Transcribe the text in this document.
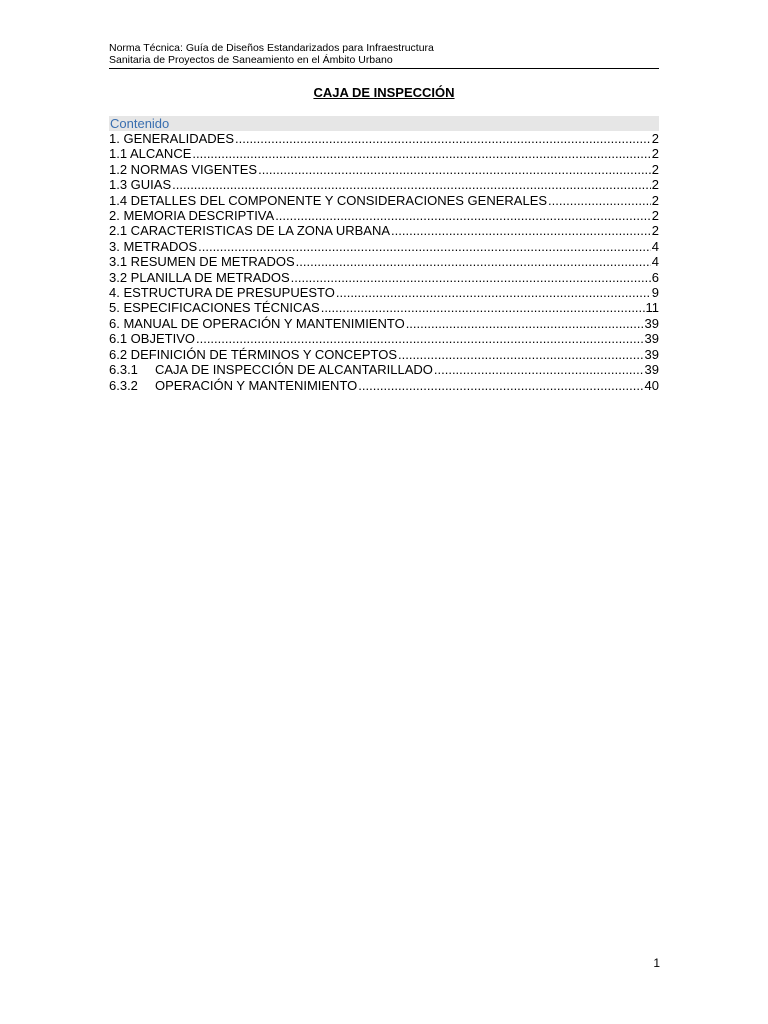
Norma Técnica: Guía de Diseños Estandarizados para Infraestructura
Sanitaria de Proyectos de Saneamiento en el Ámbito Urbano
CAJA DE INSPECCIÓN
Contenido
1. GENERALIDADES .....	2
1.1 ALCANCE .....	2
1.2 NORMAS VIGENTES .....	2
1.3 GUIAS .....	2
1.4 DETALLES DEL COMPONENTE Y CONSIDERACIONES GENERALES .....	2
2. MEMORIA DESCRIPTIVA .....	2
2.1 CARACTERISTICAS DE LA ZONA URBANA .....	2
3. METRADOS .....	4
3.1 RESUMEN DE METRADOS .....	4
3.2 PLANILLA DE METRADOS .....	6
4. ESTRUCTURA DE PRESUPUESTO .....	9
5. ESPECIFICACIONES TÉCNICAS .....	11
6. MANUAL DE OPERACIÓN Y MANTENIMIENTO .....	39
6.1 OBJETIVO .....	39
6.2 DEFINICIÓN DE TÉRMINOS Y CONCEPTOS .....	39
6.3.1	CAJA DE INSPECCIÓN DE ALCANTARILLADO .....	39
6.3.2	OPERACIÓN Y MANTENIMIENTO .....	40
1
